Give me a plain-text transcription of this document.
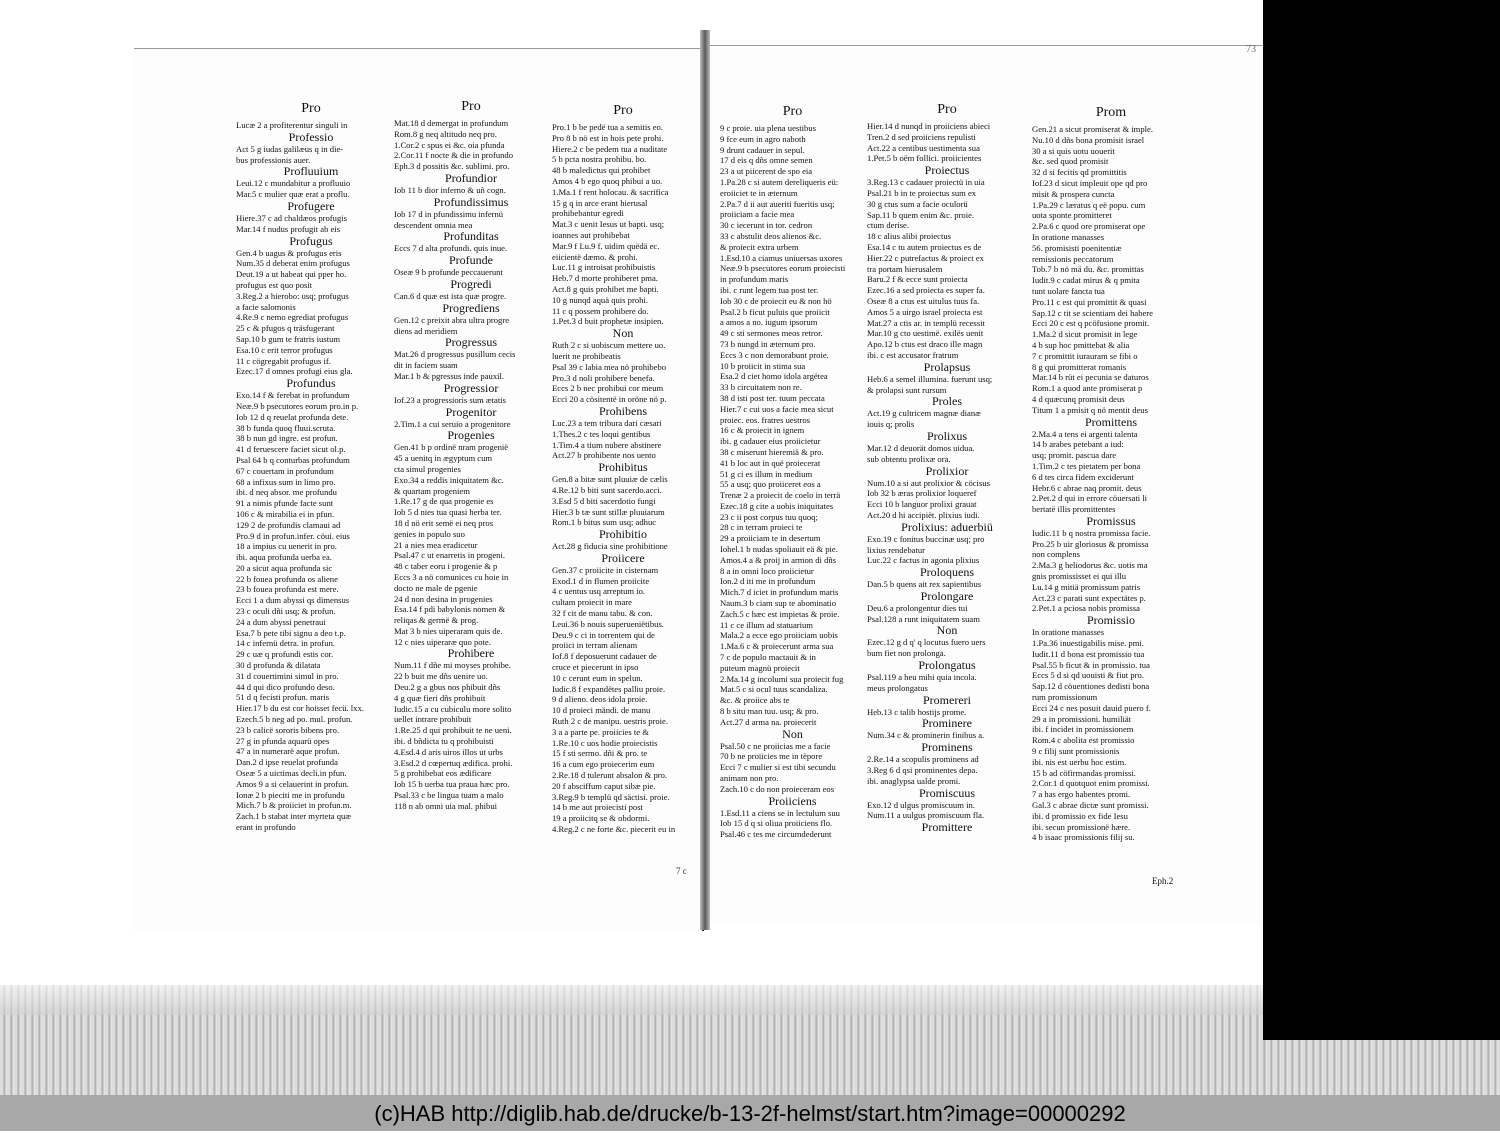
Pro
Lucæ 2 a profiterentur singuli in
Professio
Act 5 g iudas galilæus q in die-
bus professionis auer.
Profluuium
Leui.12 c mundabitur a profluuio
Mar.5 c mulier quæ erat a proflu.
Profugere
Hiere.37 c ad chaldæos profugis
Mar.14 f nudus profugit ab eis
Profugus
Gen.4 b uagus & profugus eris
Num.35 d deberat enim profugus
Deut.19 a ut habeat qui pper ho.
profugus est quo posit
3.Reg.2 a hierobo: usq; profugus
a facie salomonis
4.Re.9 c nemo egrediat profugus
25 c & pfugos q träsfugerant
Sap.10 b gum te fratris iustum
Esa.10 c erit terror profugus
11 c cögregabit profugus if.
Ezec.17 d omnes profugi eius gla.
Profundus
Exo.14 f & ferebat in profundum
Neæ.9 b psecutores eorum pro.in p.
Iob 12 d q reuelat profunda dete.
38 b funda quoq fluui.scruta.
38 b nun gd ingre. est profun.
41 d feruescere faciet sicut ol.p.
Psal 64 b q conturbas profundum
67 c couertam in profundum
68 a infixus sum in limo pro.
ibi. d neq absor. me profundu
91 a nimis pfunde facte sunt
106 c & mirabilia ei in pfun.
129 2 de profundis clamaui ad
Pro.9 d in profun.infer. cöui. eius
18 a impius cu uenerit in pro.
ibi. aqua profunda uerba ea.
20 a sicut aqua profunda sic
22 b fouea profunda os aliene
23 b fouea profunda est mere.
Ecci 1 a dum abyssi qs dimensus
23 c oculi dñi usq; & profun.
24 a dum abyssi penetraui
Esa.7 b pete tibi signu a deo t.p.
14 c infernü detra. in profun.
29 c uæ q profundi estis cor.
30 d profunda & dilatata
31 d couertimini simul in pro.
44 d qui dico profundo deso.
51 d q fecisti profun. maris
Hier.17 b du est cor hoisset fecü. lxx.
Ezech.5 b neg ad po. mul. profun.
23 b calicë sororis bibens pro.
27 g in pfunda aquarü opes
47 a in numerarë aque profun.
Dan.2 d ipse reuelat profunda
Oseæ 5 a uictimas decli.in pfun.
Amos 9 a si celauerint in profun.
Ionæ 2 b pieciti me in profundu
Mich.7 b & proiiciet in profun.m.
Zach.1 b stabat inter myrteta quæ
erant in profundo
Pro
Mat.18 d demergat in profundum
Rom.8 g neq altitudo neq pro.
1.Cor.2 c spus ei &c. oia pfunda
2.Cor.11 f nocte & die in profundo
Eph.3 d possitis &c. sublimi. pro.
Profundior
Iob 11 b dior inferno & uñ cogn.
Profundissimus
Iob 17 d in pfundissimu infernü
descendent omnia mea
Profunditas
Eccs 7 d alta profundi. quis inue.
Profunde
Oseæ 9 b profunde peccauerunt
Progredi
Can.6 d quæ est ista quæ progre.
Progrediens
Gen.12 c preixit abra ultra progre
diens ad meridiem
Progressus
Mat.26 d progressus pusillum cecis
dit in faciem suam
Mar.1 b & pgressus inde pauxil.
Progressior
Iof.23 a progressioris sum ætatis
Progenitor
2.Tim.1 a cui seruio a progenitore
Progenies
Gen.41 b p ordinë nram progenië
45 a uenitq in ægyptum cum
cta simul progenies
Exo.34 a reddis iniquitatem &c.
& quartam progeniem
1.Re.17 g de qua progenie es
Iob 5 d nies tua quasi herba ter.
18 d nö erit semë ei neq pros
genies in populo suo
21 a nies mea eradicetur
Psal.47 c ut enarretis in progeni.
48 c taber eoru i progenie & p
Eccs 3 a nö comunices cu hoie in
docto ne male de pgenie
24 d non desina in progenies
Esa.14 f pdi babylonis nomen &
reliqas & germë & prog.
Mat 3 b nies uiperaram quis de.
12 c nies uiperaræ quo pote.
Prohibere
Num.11 f dñe mi moyses prohibe.
22 b buit me dñs uenire uo.
Deu.2 g a gbus nos phibuit dñs
4 g quæ fieri dñs prohibuit
Iudic.15 a cu cubiculu more solito
uellet intrare prohibuit
1.Re.25 d qui prohibuit te ne ueni.
ibi. d bñdicta tu q prohibuisti
4.Esd.4 d aris uiros illos ut urbs
3.Esd.2 d cœpertuq ædifica. prohi.
5 g prohibebat eos ædificare
Iob 15 b uerba tua praua hæc pro.
Psal.33 c be lingua tuam a malo
118 n ab omni uia mal. phibui
Pro
Pro.1 b be pedë tua a semitis eo.
Pro 8 b nö est in hois pete prohi.
Hiere.2 c be pedem tua a nuditate
5 b pcta nostra prohibu. bo.
48 b maledictus qui prohibet
Amos 4 b ego quoq phibui a uo.
1.Ma.1 f rent holocau. & sacrifica
15 g q in arce erant hierusal
prohibebantur egredi
Mat.3 c uenit Iesus ut bapti. usq;
ioannes aut prohibebat
Mar.9 f Lu.9 f. uidim quëdä ec.
eiicientë dæmo. & prohi.
Luc.11 g introisat prohibuistis
Heb.7 d morte prohiberet pma.
Act.8 g quis prohibet me bapti.
10 g nunqd aquä quis prohi.
11 c q possem prohibere do.
1.Pet.3 d buit prophetæ insipien.
Non
Ruth 2 c si uobiscum mettere uo.
luerit ne prohibeatis
Psal 39 c labia mea nö prohibebo
Pro.3 d noli prohibere benefa.
Eccs 2 b nec prohibui cor meum
Ecci 20 a cösitentë in oröne nö p.
Prohibens
Luc.23 a tem tribura dari cæsari
1.Thes.2 c tes loqui gentibus
1.Tim.4 a tium nubere abstinere
Act.27 b prohibente nos uento
Prohibitus
Gen.8 a bitæ sunt pluuiæ de cælis
4.Re.12 b biti sunt sacerdo.acci.
3.Esd 5 d biti sacerdotio fungi
Hier.3 b tæ sunt stillæ pluuiarum
Rom.1 b bitus sum usq; adhuc
Prohibitio
Act.28 g fiducia sine prohibitione
Proiicere
Gen.37 c proiicite in cisternam
Exod.1 d in flumen proiicite
4 c uentus usq arreptum io.
cultam proiecit in mare
32 f cit de manu tabu. & con.
Leui.36 b nouis superueniëtibus.
Deu.9 c ci in torrentem qui de
proiici in terram alienam
Iof.8 f deposuerunt cadauer de
cruce et piecerunt in ipso
10 c cerunt eum in spelun.
Iudic.8 f expandëtes palliu proie.
9 d alieno. deos idola proie.
10 d proieci mändi. de manu
Ruth 2 c de manipu. uestris proie.
3 a a parte pe. proiicies te &
1.Re.10 c uos hodie proiecistis
15 f sti sermo. dñi & pro. te
16 a cum ego proiecerim eum
2.Re.18 d tulerunt absalon & pro.
20 f absciffum caput sibæ pie.
3.Reg.9 b templü qd säctisi. proie.
14 b me aut proiecisti post
19 a proiicitq se & obdormi.
4.Reg.2 c ne forte &c. piecerit eu in
Pro
9 c proie. uia plena uestibus
9 fce eum in agro naboth
9 drunt cadauer in sepul.
17 d eis q dñs omne semen
23 a ut piicerent de spo eia
1.Pa.28 c si autem dereliqueris eü:
eroiiciet te in æternum
2.Pa.7 d ii aut aueriti fueritis usq;
proiiciam a facie mea
30 c iecerunt in tor. cedron
33 c abstulit deos alienos &c.
& proiecit extra urbem
1.Esd.10 a ciamus uniuersas uxores
Neæ.9 b psecutores eorum proiecisti
in profundum maris
ibi. c runt legem tua post ter.
Iob 30 c de proiecit eu & non hö
Psal.2 b ficut puluis que proiicit
a amos a no. iugum ipsorum
49 c sti sermones meos retror.
73 b nungd in æternum pro.
Eccs 3 c non demorabunt proie.
10 b proiicit in stima sua
Esa.2 d ciet homo idola argëtea
33 b circuitatem non re.
38 d isti post ter. tuum peccata
Hier.7 c cui uos a facie mea sicut
proiec. eos. fratres uestros
16 c & proiecit in ignem
ibi. g cadauer eius proiicietur
38 c miserunt hieremiä & pro.
41 b loc aut in quë proiecerat
51 g ci es illum in medium
55 a usq; quo proiiceret eos a
Trenæ 2 a proiecit de coelo in terrä
Ezec.18 g cite a uobis iniquitates
23 c ii post corpus tuu quoq;
28 c in terram proieci te
29 a proiiciam te in desertum
Iohel.1 b nudas spoliauit eä & pie.
Amos.4 a & proij in armon di dñs
8 a in omni loco proiicietur
Ion.2 d iti me in profundum
Mich.7 d iciet in profundum maris
Naum.3 b ciam sup te abominatio
Zach.5 c hæc est impietas & proie.
11 c ce illum ad statuarium
Mala.2 a ecce ego proiiciam uobis
1.Ma.6 c & proiecerunt arma sua
7 c de populo mactauit & in
puteum magnü proiecit
2.Ma.14 g incolumi sua proiecit fug
Mat.5 c si ocul tuus scandaliza.
&c. & proiice abs te
8 b situ man tuu. usq; & pro.
Act.27 d arma na. proiecerit
Non
Psal.50 c ne proiicias me a facie
70 b ne proiicies me in tëpore
Ecci 7 c mulier si est tibi secundu
animam non pro.
Zach.10 c do non proieceram eos
Proiiciens
1.Esd.11 a ciens se in lectulum suu
Iob 15 d q si oliua proiiciens flo.
Psal.46 c tes me circumdederunt
Pro
Hier.14 d nunqd in proiiciens abieci
Tren.2 d sed proiiciens repulisti
Act.22 a centibus uestimenta sua
1.Pet.5 b oëm follici. proiicientes
Proiectus
3.Reg.13 c cadauer proiectü in uia
Psal.21 b in te proiectus sum ex
30 g ctus sum a facie oculorü
Sap.11 b quem enim &c. proie.
ctum derise.
18 c alius alibi proiectus
Esa.14 c tu autem proiectus es de
Hier.22 c putrefactus & proiect ex
tra portam hierusalem
Baru.2 f & ecce sunt proiecta
Ezec.16 a sed proiecta es super fa.
Oseæ 8 a ctus est uitulus tuus fa.
Amos 5 a uirgo israel proiecta est
Mat.27 a ctis ar. in templü recessit
Mar.10 g cto uestimë. exilës uenit
Apo.12 b ctus est draco ille magn
ibi. c est accusator fratrum
Prolapsus
Heb.6 a semel illumina. fuerunt usq;
& prolapsi sunt rursum
Proles
Act.19 g cultricem magnæ dianæ
iouis q; prolis
Prolixus
Mar.12 d deuorät domos uidua.
sub obtentu prolixæ ora.
Prolixior
Num.10 a si aut prolixior & cöcisus
Iob 32 b æras prolixior loqueref
Ecci 10 b languor prolixi grauat
Act.20 d hi accipiët. plixius iudi.
Prolixius: aduerbiü
Exo.19 c fonitus buccinæ usq; pro
lixius rendebatur
Luc.22 c factus in agonia plixius
Proloquens
Dan.5 b quens ait rex sapientibus
Prolongare
Deu.6 a prolongentur dies tui
Psal.128 a runt iniquitatem suam
Non
Ezec.12 g d q' q locutus fuero uers
bum fiet non prolonga.
Prolongatus
Psal.119 a heu mihi quia incola.
meus prolongatus
Promereri
Heb.13 c talib hostijs prome.
Prominere
Num.34 c & prominerin finibus a.
Prominens
2.Re.14 a scopulis prominens ad
3.Reg 6 d qsi prominentes depa.
ibi. anaglypsa ualde promi.
Promiscuus
Exo.12 d ulgus promiscuum in.
Num.11 a uulgus promiscuum fla.
Promittere
Prom
Gen.21 a sicut promiserat & imple.
Nu.10 d dñs bona promisit israel
30 a si quis uotu uouerit
&c. sed quod promisit
32 d si fecitis qd promittitis
Iof.23 d sicut impleuit ope qd pro
misit & prospera cuncta
1.Pa.29 c læratus q eë popu. cum
uota sponte promitteret
2.Pa.6 c quod ore promiserat ope
In oratione manasses
56. promisisti poenitentiæ
remissionis peccatorum
Tob.7 b nö mä du. &c. promittas
Iudit.9 c cadat mirus & q pmita
tunt uolare fancta tua
Pro.11 c est qui promittit & quasi
Sap.12 c tit se scientiam dei habere
Ecci 20 c est q pcöfusione promit.
1.Ma.2 d sicut promisit in lege
4 b sup hoc pmittebat & alia
7 c promittit iurauram se fibi o
8 g qui promitterat romanis
Mar.14 b rüt ei pecunia se daturos
Rom.1 a quod ante promiserat p
4 d quæcunq promisit deus
Titum 1 a pmisit q nö mentit deus
Promittens
2.Ma.4 a tens ei argenti talenta
14 b arabes petebant a iud:
usq; promit. pascua dare
1.Tim.2 c tes pietatem per bona
6 d tes circa fidem exciderunt
Hebr.6 c abrae naq promit. deus
2.Pet.2 d qui in errore cöuersati li
bertatë illis promittentes
Promissus
Iudic.11 b q nostra promissa facie.
Pro.25 b uir gloriosus & promissa
non complens
2.Ma.3 g heliodorus &c. uotis ma
gnis promississet ei qui illu
Lu.14 g mitiä promissum patris
Act.23 c parati sunt expectätes p.
2.Pet.1 a pciosa nobis promissa
Promissio
In oratione manasses
1.Pa.36 inuestigabilis mise. pmi.
Iudit.11 d bona est promissio tua
Psal.55 b ficut & in promissio. tua
Eccs 5 d si qd uouisti & fiut pro.
Sap.12 d cöuentiones dedisti bona
rum promissionum
Ecci 24 c nes posuit dauid puero f.
29 a in promissioni. humiliät
ibi. f incidet in promissionem
Rom.4 c abolita est promissio
9 c filij sunt promissionis
ibi. nis est uerbu hoc estim.
15 b ad cöfirmandas promissi.
2.Cor.1 d quotquot enim promissi.
7 a has ergo habentes promi.
Gal.3 c abrae dictæ sunt promissi.
ibi. d promissio ex fide Iesu
ibi. secun promissionë hære.
4 b isaac promissionis filij su.
7 c
73
Eph.2
(c)HAB http://diglib.hab.de/drucke/b-13-2f-helmst/start.htm?image=00000292
